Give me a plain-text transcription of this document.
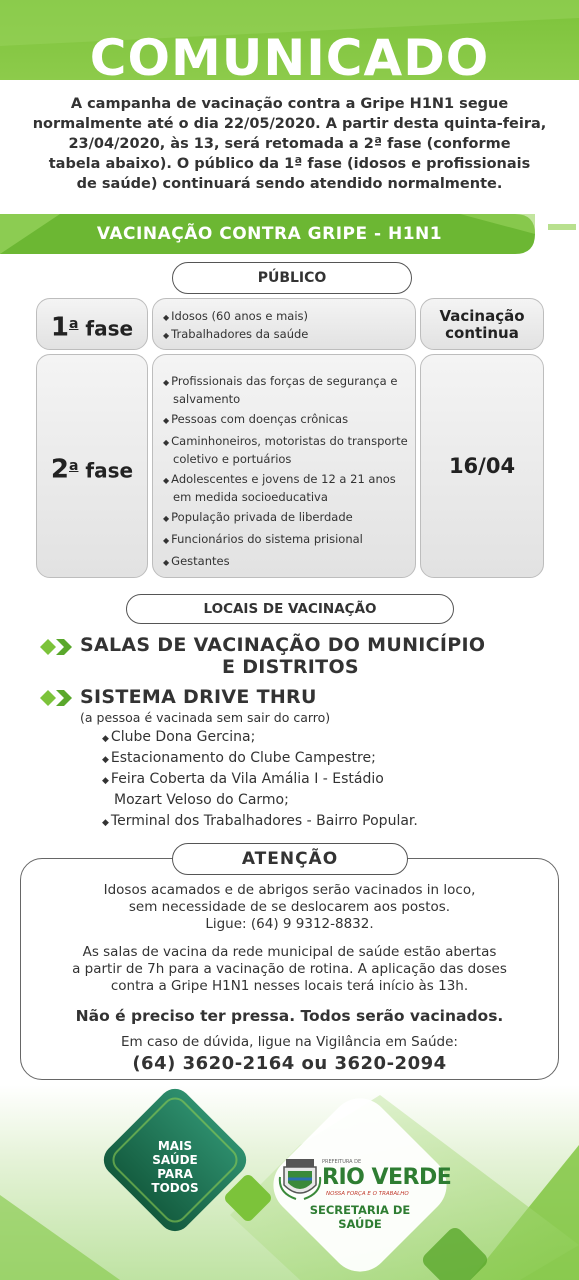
COMUNICADO
A campanha de vacinação contra a Gripe H1N1 segue
normalmente até o dia 22/05/2020. A partir desta quinta-feira,
23/04/2020, às 13, será retomada a 2ª fase (conforme
tabela abaixo). O público da 1ª fase (idosos e profissionais
de saúde) continuará sendo atendido normalmente.
VACINAÇÃO CONTRA GRIPE - H1N1
PÚBLICO
1$^a$ fase
◆ Idosos (60 anos e mais)
◆ Trabalhadores da saúde
Vacinação
continua
2$^a$ fase
◆ Profissionais das forças de segurança e salvamento
◆ Pessoas com doenças crônicas
◆ Caminhoneiros, motoristas do transporte coletivo e portuários
◆ Adolescentes e jovens de 12 a 21 anos em medida socioeducativa
◆ População privada de liberdade
◆ Funcionários do sistema prisional
◆ Gestantes
16/04
LOCAIS DE VACINAÇÃO
SALAS DE VACINAÇÃO DO MUNICÍPIO
E DISTRITOS
SISTEMA DRIVE THRU
(a pessoa é vacinada sem sair do carro)
◆ Clube Dona Gercina;
◆ Estacionamento do Clube Campestre;
◆ Feira Coberta da Vila Amália I - Estádio
Mozart Veloso do Carmo;
◆ Terminal dos Trabalhadores - Bairro Popular.
ATENÇÃO
Idosos acamados e de abrigos serão vacinados in loco,
sem necessidade de se deslocarem aos postos.
Ligue: (64) 9 9312-8832.
As salas de vacina da rede municipal de saúde estão abertas
a partir de 7h para a vacinação de rotina. A aplicação das doses
contra a Gripe H1N1 nesses locais terá início às 13h.
Não é preciso ter pressa. Todos serão vacinados.
Em caso de dúvida, ligue na Vigilância em Saúde:
(64) 3620-2164 ou 3620-2094
MAIS
SAÚDE
PARA
TODOS
PREFEITURA DE
RIO VERDE
NOSSA FORÇA E O TRABALHO
SECRETARIA DE SAÚDE
